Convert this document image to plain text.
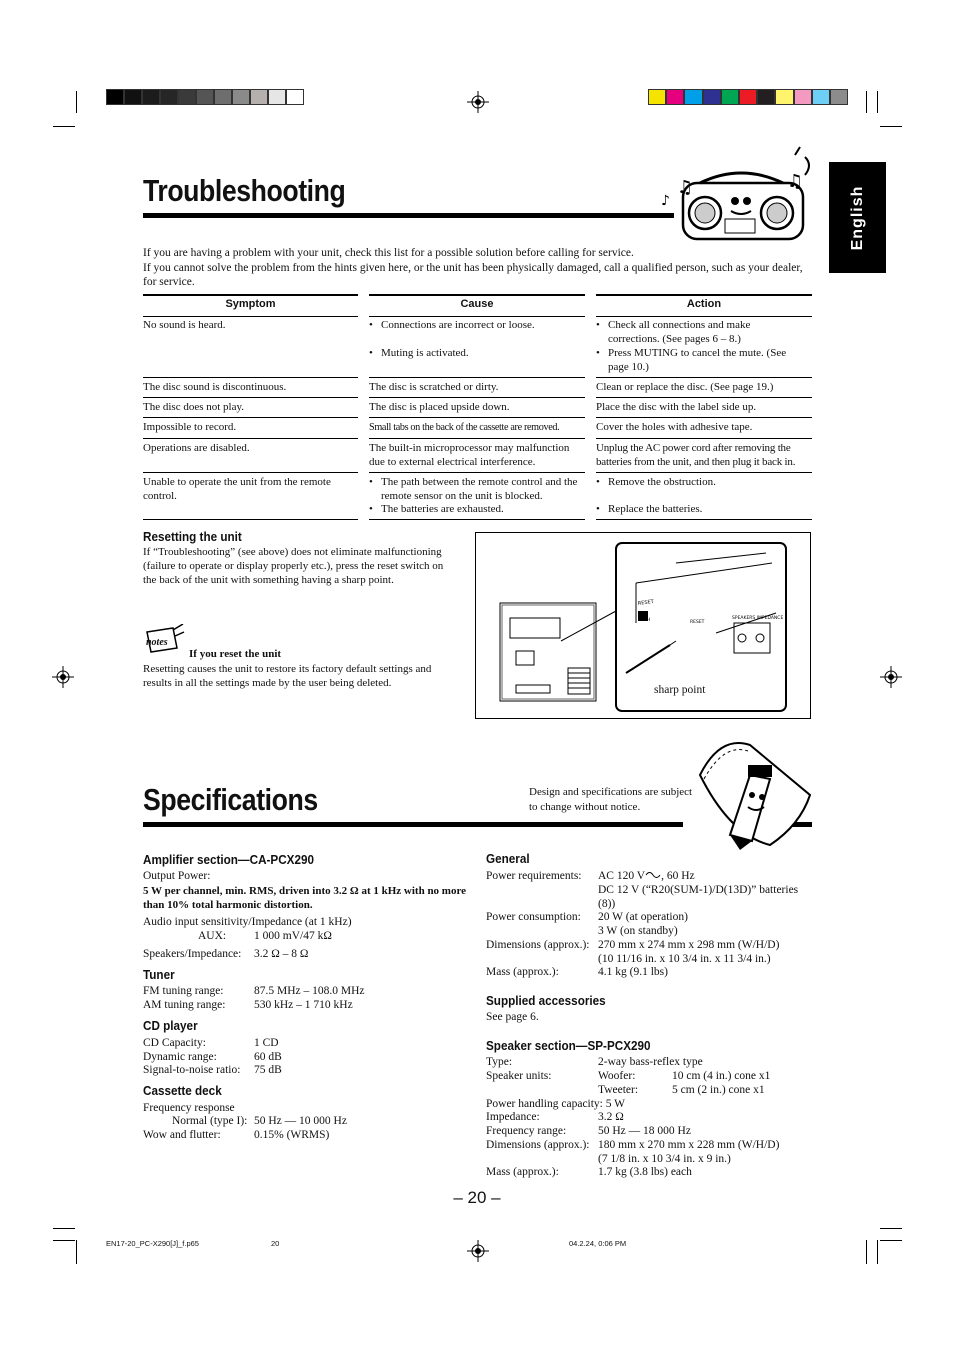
English
Troubleshooting	♫
♪
♫
If you are having a problem with your unit, check this list for a possible solution before calling for service.
If you cannot solve the problem from the hints given here, or the unit has been physically damaged, call a qualified person, such as your dealer, for service.
Symptom	Cause	Action
No sound is heard.
•	Connections are incorrect or loose.
• Muting is activated.
• Check all connections and make corrections. (See pages 6 – 8.)
• Press MUTING to cancel the mute. (See page 10.)
The disc sound is discontinuous.	The disc is scratched or dirty.	Clean or replace the disc. (See page 19.)
The disc does not play.	The disc is placed upside down.	Place the disc with the label side up.
Impossible to record.	Small tabs on the back of the cassette are removed.	Cover the holes with adhesive tape.
Operations are disabled.	The built-in microprocessor may malfunction due to external electrical interference.
Unplug the AC power cord after removing the batteries from the unit, and then plug it back in.
Unable to operate the unit from the remote control.
• The path between the remote control and the remote sensor on the unit is blocked.
• The batteries are exhausted.
• Remove the obstruction.
• Replace the batteries.
Resetting the unit
If “Troubleshooting” (see above) does not eliminate malfunctioning (failure to operate or display properly etc.), press the reset switch on the back of the unit with something having a sharp point.
notes
If you reset the unit
Resetting causes the unit to restore its factory default settings and results in all the settings made by the user being deleted.
RESET
RESET
PUSH	SPEAKERS IMPEDANCE
sharp point
Specifications	Design and specifications are subject to change without notice.
Amplifier section—CA-PCX290
Output Power:
5 W per channel, min. RMS, driven into 3.2 Ω at 1 kHz with no more than 10% total harmonic distortion.
Audio input sensitivity/Impedance (at 1 kHz)
AUX: 1 000 mV/47 kΩ
Speakers/Impedance: 3.2 Ω – 8 Ω
Tuner
FM tuning range:	87.5 MHz – 108.0 MHz
AM tuning range: 530 kHz – 1 710 kHz
CD player
CD Capacity:	1 CD
Dynamic range:	60 dB
Signal-to-noise ratio: 75 dB
Cassette deck
Frequency response
Normal (type I): 50 Hz — 10 000 Hz
Wow and flutter:	0.15% (WRMS)
General
Power requirements: AC 120 V , 60 Hz
DC 12 V (“R20(SUM-1)/D(13D)” batteries (8))
Power consumption: 20 W (at operation)
3 W (on standby)
Dimensions (approx.): 270 mm x 274 mm x 298 mm (W/H/D)
(10 11/16 in. x 10 3/4 in. x 11 3/4 in.)
Mass (approx.):	4.1 kg (9.1 lbs)
Supplied accessories
See page 6.
Speaker section—SP-PCX290
Type:	2-way bass-reflex type
Speaker units:	Woofer:	10 cm (4 in.) cone x1
Tweeter:	5 cm (2 in.) cone x1
Power handling capacity: 5 W
Impedance:	3.2 Ω
Frequency range:	50 Hz — 18 000 Hz
Dimensions (approx.): 180 mm x 270 mm x 228 mm (W/H/D)
(7 1/8 in. x 10 3/4 in. x 9 in.)
Mass (approx.):	1.7 kg (3.8 lbs) each
– 20 –
EN17-20_PC-X290[J]_f.p65	20	04.2.24, 0:06 PM
